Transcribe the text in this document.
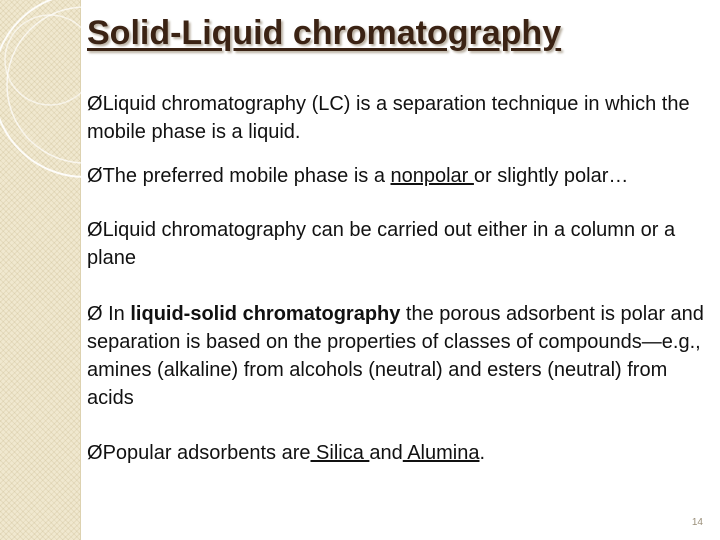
Solid-Liquid chromatography

ØLiquid chromatography (LC) is a separation technique in which the mobile phase is a liquid.

ØThe preferred mobile phase is a nonpolar or slightly polar…

ØLiquid chromatography can be carried out either in a column or a plane

Ø In liquid-solid chromatography the porous adsorbent is polar and separation is based on the properties of classes of compounds—e.g., amines (alkaline) from alcohols (neutral) and esters (neutral) from acids

ØPopular adsorbents are Silica and Alumina.

14
